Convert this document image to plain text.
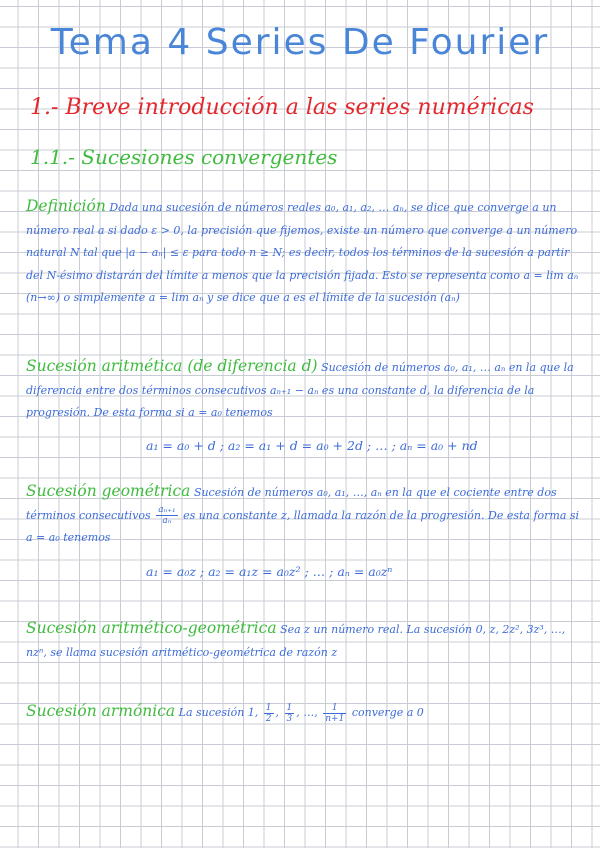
Tema 4 Series De Fourier
1.- Breve introducción a las series numéricas
1.1.- Sucesiones convergentes

Definición Dada una sucesión de números reales a₀, a₁, a₂, … aₙ, se dice que converge a un número real a si dado ε > 0, la precisión que fijemos, existe un número que converge a un número natural N tal que |a − aₙ| ≤ ε para todo n ≥ N; es decir, todos los términos de la sucesión a partir del N-ésimo distarán del límite a menos que la precisión fijada. Esto se representa como a = lim aₙ (n→∞) o simplemente a = lim aₙ y se dice que a es el límite de la sucesión (aₙ)

Sucesión aritmética (de diferencia d) Sucesión de números a₀, a₁, … aₙ en la que la diferencia entre dos términos consecutivos aₙ₊₁ − aₙ es una constante d, la diferencia de la progresión. De esta forma si a = a₀ tenemos

a₁ = a₀ + d ; a₂ = a₁ + d = a₀ + 2d ; … ; aₙ = a₀ + nd

Sucesión geométrica Sucesión de números a₀, a₁, …, aₙ en la que el cociente entre dos términos consecutivos $\frac{\text{aₙ₊₁}}{\text{aₙ}}$ es una constante z, llamada la razón de la progresión. De esta forma si a = a₀ tenemos

a₁ = a₀z ; a₂ = a₁z = a₀z² ; … ; aₙ = a₀zⁿ

Sucesión aritmético-geométrica Sea z un número real. La sucesión 0, z, 2z², 3z³, …, nzⁿ, se llama sucesión aritmético-geométrica de razón z

Sucesión armónica La sucesión 1, $\frac{1}{2}$ , $\frac{1}{3}$ , …, $\frac{1}{n+1}$ converge a 0
